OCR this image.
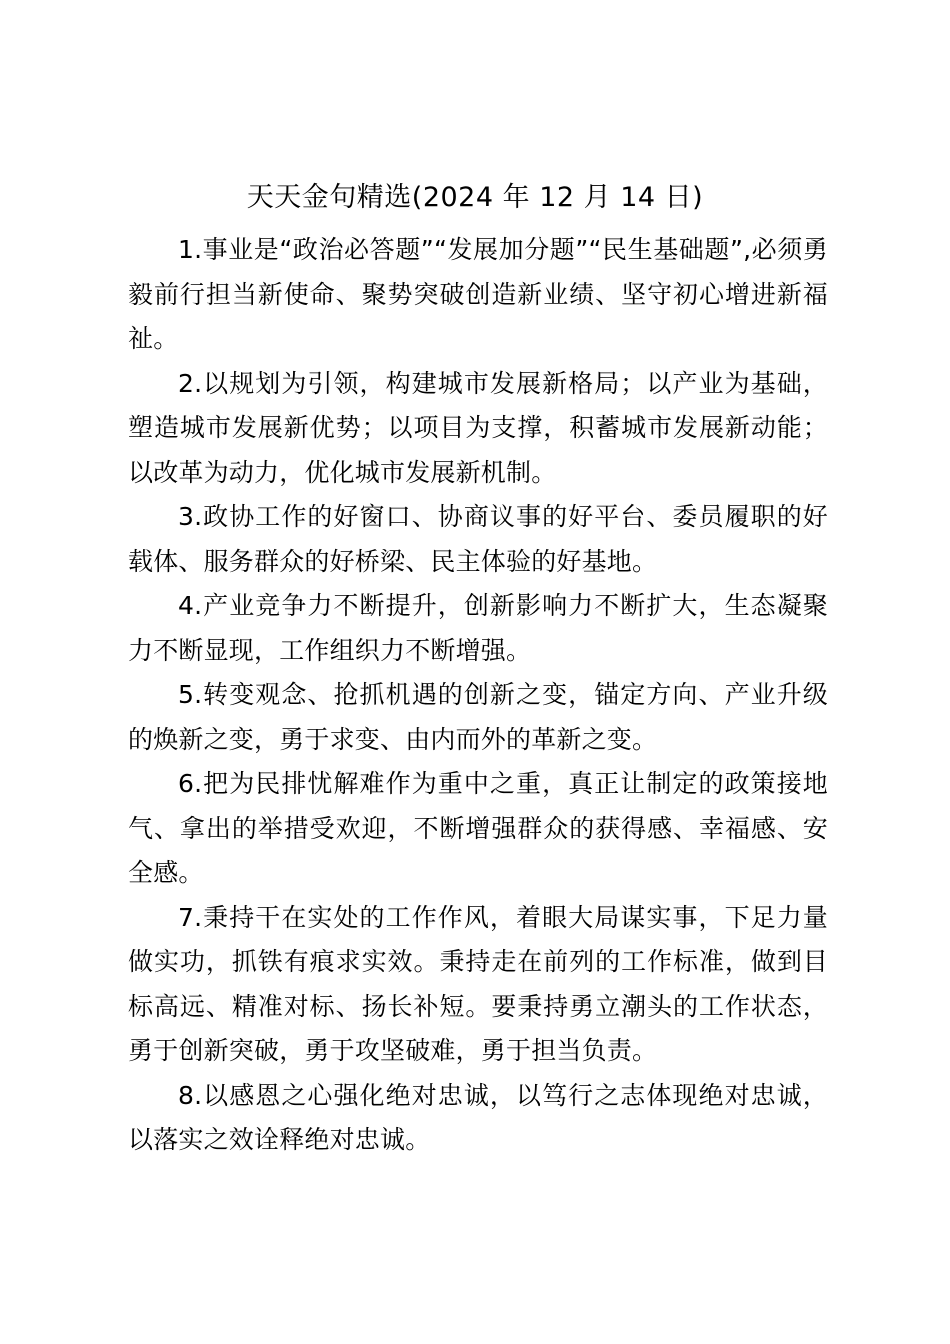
天天金句精选(2024 年 12 月 14 日)

1.事业是“政治必答题”“发展加分题”“民生基础题”,必须勇毅前行担当新使命、聚势突破创造新业绩、坚守初心增进新福祉。

2.以规划为引领，构建城市发展新格局；以产业为基础，塑造城市发展新优势；以项目为支撑，积蓄城市发展新动能；以改革为动力，优化城市发展新机制。

3.政协工作的好窗口、协商议事的好平台、委员履职的好载体、服务群众的好桥梁、民主体验的好基地。

4.产业竞争力不断提升，创新影响力不断扩大，生态凝聚力不断显现，工作组织力不断增强。

5.转变观念、抢抓机遇的创新之变，锚定方向、产业升级的焕新之变，勇于求变、由内而外的革新之变。

6.把为民排忧解难作为重中之重，真正让制定的政策接地气、拿出的举措受欢迎，不断增强群众的获得感、幸福感、安全感。

7.秉持干在实处的工作作风，着眼大局谋实事，下足力量做实功，抓铁有痕求实效。秉持走在前列的工作标准，做到目标高远、精准对标、扬长补短。要秉持勇立潮头的工作状态，勇于创新突破，勇于攻坚破难，勇于担当负责。

8.以感恩之心强化绝对忠诚，以笃行之志体现绝对忠诚，以落实之效诠释绝对忠诚。
